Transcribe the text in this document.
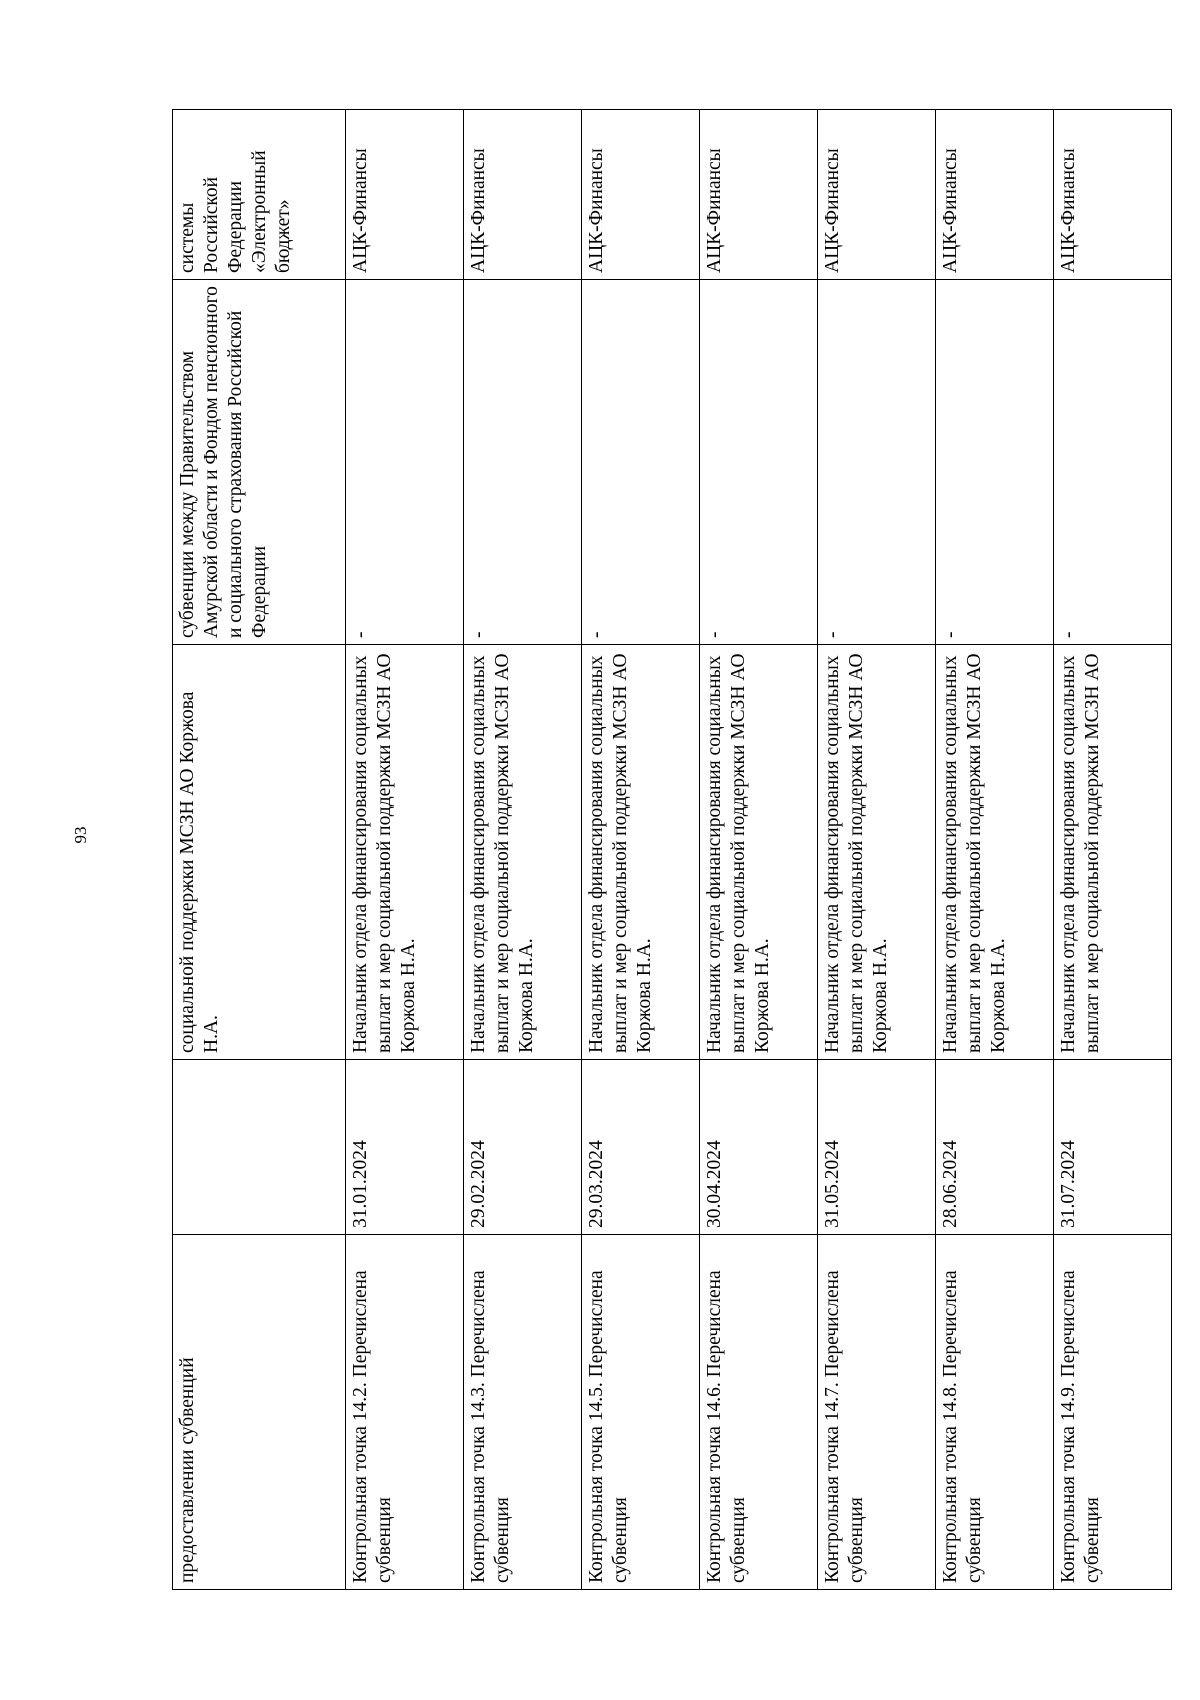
93
предоставлении субвенций		социальной поддержки МСЗН АО Коржова Н.А.	субвенции между Правительством Амурской области и Фондом пенсионного и социального страхования Российской Федерации	системы Российской Федерации «Электронный бюджет»
Контрольная точка 14.2. Перечислена субвенция	31.01.2024	Начальник отдела финансирования социальных выплат и мер социальной поддержки МСЗН АО Коржова Н.А.	-	АЦК-Финансы
Контрольная точка 14.3. Перечислена субвенция	29.02.2024	Начальник отдела финансирования социальных выплат и мер социальной поддержки МСЗН АО Коржова Н.А.	-	АЦК-Финансы
Контрольная точка 14.5. Перечислена субвенция	29.03.2024	Начальник отдела финансирования социальных выплат и мер социальной поддержки МСЗН АО Коржова Н.А.	-	АЦК-Финансы
Контрольная точка 14.6. Перечислена субвенция	30.04.2024	Начальник отдела финансирования социальных выплат и мер социальной поддержки МСЗН АО Коржова Н.А.	-	АЦК-Финансы
Контрольная точка 14.7. Перечислена субвенция	31.05.2024	Начальник отдела финансирования социальных выплат и мер социальной поддержки МСЗН АО Коржова Н.А.	-	АЦК-Финансы
Контрольная точка 14.8. Перечислена субвенция	28.06.2024	Начальник отдела финансирования социальных выплат и мер социальной поддержки МСЗН АО Коржова Н.А.	-	АЦК-Финансы
Контрольная точка 14.9. Перечислена субвенция	31.07.2024	Начальник отдела финансирования социальных выплат и мер социальной поддержки МСЗН АО	-	АЦК-Финансы
